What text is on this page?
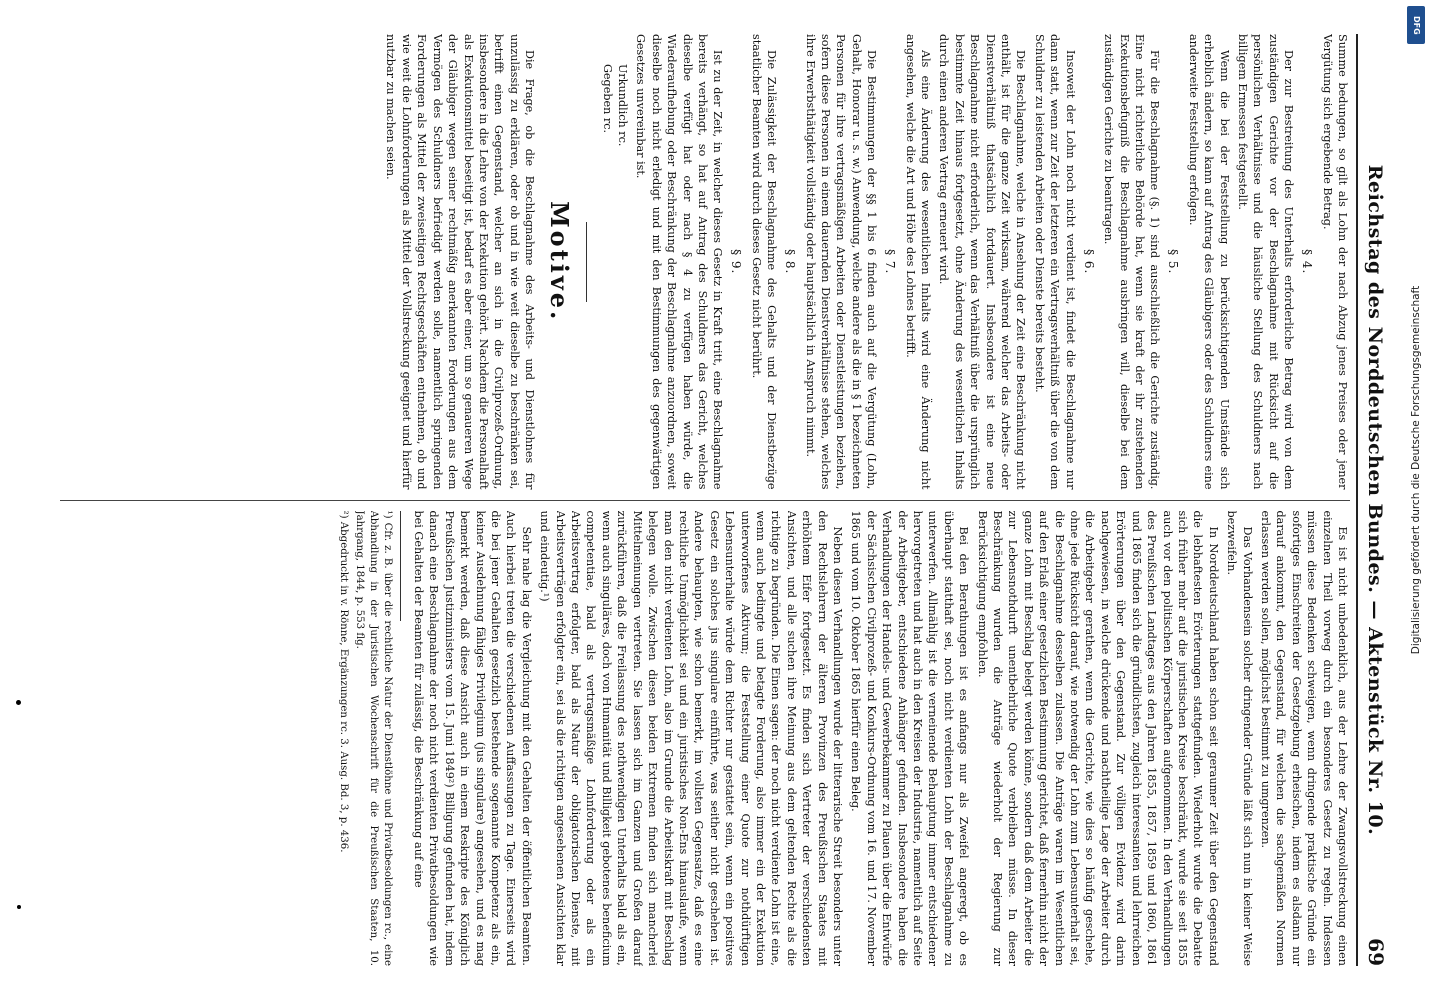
Reichstag des Norddeutschen Bundes. — Aktenstück Nr. 10.
69

Summe bedungen, so gilt als Lohn der nach Abzug jenes Preises oder jener Vergütung sich ergebende Betrag.

§ 4.

Der zur Bestreitung des Unterhalts erforderliche Betrag wird von dem zuständigen Gerichte vor der Beschlagnahme mit Rücksicht auf die persönlichen Verhältnisse und die häusliche Stellung des Schuldners nach billigem Ermessen festgestellt.

Wenn die bei der Feststellung zu berücksichtigenden Umstände sich erheblich ändern, so kann auf Antrag des Gläubigers oder des Schuldners eine anderweite Feststellung erfolgen.

§ 5.

Für die Beschlagnahme (§. 1) sind ausschließlich die Gerichte zuständig. Eine nicht richterliche Behörde hat, wenn sie kraft der ihr zustehenden Exekutionsbefugniß die Beschlagnahme ausbringen will, dieselbe bei dem zuständigen Gerichte zu beantragen.

§ 6.

Insoweit der Lohn noch nicht verdient ist, findet die Beschlagnahme nur dann statt, wenn zur Zeit der letzteren ein Vertragsverhältniß über die von dem Schuldner zu leistenden Arbeiten oder Dienste bereits besteht.

Die Beschlagnahme, welche in Ansehung der Zeit eine Beschränkung nicht enthält, ist für die ganze Zeit wirksam, während welcher das Arbeits- oder Dienstverhältniß thatsächlich fortdauert. Insbesondere ist eine neue Beschlagnahme nicht erforderlich, wenn das Verhältniß über die ursprünglich bestimmte Zeit hinaus fortgesetzt, ohne Änderung des wesentlichen Inhalts durch einen anderen Vertrag erneuert wird.

Als eine Änderung des wesentlichen Inhalts wird eine Änderung nicht angesehen, welche die Art und Höhe des Lohnes betrifft.

§ 7.

Die Bestimmungen der §§ 1 bis 6 finden auch auf die Vergütung (Lohn, Gehalt, Honorar u. s. w.) Anwendung, welche andere als die in § 1 bezeichneten Personen für ihre vertragsmäßigen Arbeiten oder Dienstleistungen beziehen, sofern diese Personen in einem dauernden Dienstverhältnisse stehen, welches ihre Erwerbsthätigkeit vollständig oder hauptsächlich in Anspruch nimmt.

§ 8.

Die Zulässigkeit der Beschlagnahme des Gehalts und der Dienstbezüge staatlicher Beamten wird durch dieses Gesetz nicht berührt.

§ 9.

Ist zu der Zeit, in welcher dieses Gesetz in Kraft tritt, eine Beschlagnahme bereits verhängt, so hat auf Antrag des Schuldners das Gericht, welches dieselbe verfügt hat oder nach § 4 zu verfügen haben würde, die Wiederaufhebung oder Beschränkung der Beschlagnahme anzuordnen, soweit dieselbe noch nicht erledigt und mit den Bestimmungen des gegenwärtigen Gesetzes unvereinbar ist.

Urkundlich rc.

Gegeben rc.

Motive.

Die Frage, ob die Beschlagnahme des Arbeits- und Dienstlohnes für unzulässig zu erklären, oder ob und in wie weit dieselbe zu beschränken sei, betrifft einen Gegenstand, welcher an sich in die Civilprozeß-Ordnung, insbesondere in die Lehre von der Exekution gehört. Nachdem die Personalhaft als Exekutionsmittel beseitigt ist, bedarf es aber einer, um so genaueren Wege der Gläubiger wegen seiner rechtmäßig anerkannten Forderungen aus dem Vermögen des Schuldners befriedigt werden solle, namentlich springenden Forderungen als Mittel der zweiseitigen Rechtsgeschäften entnehmen, ob und wie weit die Lohnforderungen als Mittel der Vollstreckung geeignet und hierfür nutzbar zu machen seien.

Es ist nicht unbedenklich, aus der Lehre der Zwangsvollstreckung einen einzelnen Theil vorweg durch ein besonderes Gesetz zu regeln. Indessen müssen diese Bedenken schweigen, wenn dringende praktische Gründe ein sofortiges Einschreiten der Gesetzgebung erheischen, indem es alsdann nur darauf ankommt, den Gegenstand, für welchen die sachgemäßen Normen erlassen werden sollen, möglichst bestimmt zu umgrenzen.

Das Vorhandensein solcher dringender Gründe läßt sich nun in keiner Weise bezweifeln.

In Norddeutschland haben schon seit geraumer Zeit über den Gegenstand die lebhaftesten Erörterungen stattgefunden. Wiederholt wurde die Debatte sich früher mehr auf die juristischen Kreise beschränkt, wurde sie seit 1855 auch vor den politischen Körperschaften aufgenommen. In den Verhandlungen des Preußischen Landtages aus den Jahren 1855, 1857, 1859 und 1860, 1861 und 1865 finden sich die gründlichsten, zugleich interessanten und lehrreichen Erörterungen über den Gegenstand. Zur völligen Evidenz wird darin nachgewiesen, in welche drückende und nachtheilige Lage der Arbeiter durch die Arbeitgeber gerathen, wenn die Gerichte, wie dies so häufig geschehe, ohne jede Rücksicht darauf, wie notwendig der Lohn zum Lebensunterhalt sei, die Beschlagnahme desselben zulassen. Die Anträge waren im Wesentlichen auf den Erlaß einer gesetzlichen Bestimmung gerichtet, daß fernerhin nicht der ganze Lohn mit Beschlag belegt werden könne, sondern daß dem Arbeiter die zur Lebensnothdurft unentbehrliche Quote verbleiben müsse. In dieser Beschränkung wurden die Anträge wiederholt der Regierung zur Berücksichtigung empfohlen.

Bei den Berathungen ist es anfangs nur als Zweifel angeregt, ob es überhaupt statthaft sei, noch nicht verdienten Lohn der Beschlagnahme zu unterwerfen. Allmählig ist die verneinende Behauptung immer entschiedener hervorgetreten und hat auch in den Kreisen der Industrie, namentlich auf Seite der Arbeitgeber, entschiedene Anhänger gefunden. Insbesondere haben die Verhandlungen der Handels- und Gewerbekammer zu Plauen über die Entwürfe der Sächsischen Civilprozeß- und Konkurs-Ordnung vom 16. und 17. November 1865 und vom 10. Oktober 1865 hierfür einen Beleg.

Neben diesen Verhandlungen wurde der litterarische Streit besonders unter den Rechtslehrern der älteren Provinzen des Preußischen Staates mit erhöhtem Eifer fortgesetzt. Es finden sich Vertreter der verschiedensten Ansichten, und alle suchen ihre Meinung aus dem geltenden Rechte als die richtige zu begründen. Die Einen sagen: der noch nicht verdiente Lohn ist eine, wenn auch bedingte und betagte Forderung, also immer ein der Exekution unterworfenes Aktivum; die Feststellung einer Quote zur nothdürftigen Lebensunterhalte würde dem Richter nur gestattet sein, wenn ein positives Gesetz ein solches jus singulare einführte, was seither nicht geschehen ist. Andere behaupten, wie schon bemerkt, im vollsten Gegensatze, daß es eine rechtliche Unmöglichkeit sei und ein juristisches Non-Ens hinauslaufe, wenn man den nicht verdienten Lohn, also im Grunde die Arbeitskraft mit Beschlag belegen wolle. Zwischen diesen beiden Extremen finden sich mancherlei Mittelmeinungen vertreten. Sie lassen sich im Ganzen und Großen darauf zurückführen, daß die Freilassung des nothwendigen Unterhalts bald als ein, wenn auch singuläres, doch von Humanität und Billigkeit gebotenes beneficium competentiae, bald als vertragsmäßige Lohnforderung oder als ein Arbeitsvertrag erfolgter, bald als Natur der obligatorischen Dienste, mit Arbeitsverträgen erfolgter ein, sei als die richtigen angesehenen Ansichten klar und eindeutig.¹)

Sehr nahe lag die Vergleichung mit den Gehalten der öffentlichen Beamten. Auch hierbei treten die verschiedenen Auffassungen zu Tage. Einerseits wird die bei jener Gehalten gesetzlich bestehende sogenannte Kompetenz als ein, keiner Ausdehnung fähiges Privilegium (jus singulare) angesehen, und es mag bemerkt werden, daß diese Ansicht auch in einem Reskripte des Königlich Preußischen Justizministers vom 15. Juni 1849²) Billigung gefunden hat, indem danach eine Beschlagnahme der noch nicht verdienten Privatbesoldungen wie bei Gehalten der Beamten für zulässig, die Beschränkung auf eine

¹) Cfr. z. B. über die rechtliche Natur der Dienstlöhne und Privatbesoldungen rc., eine Abhandlung in der Juristischen Wochenschrift für die Preußischen Staaten, 10. Jahrgang, 1844, p. 553 flg.

²) Abgedruckt in v. Rönne, Ergänzungen rc. 3. Ausg. Bd. 3, p. 436.

DFG
Digitalisierung gefördert durch die Deutsche Forschungsgemeinschaft
